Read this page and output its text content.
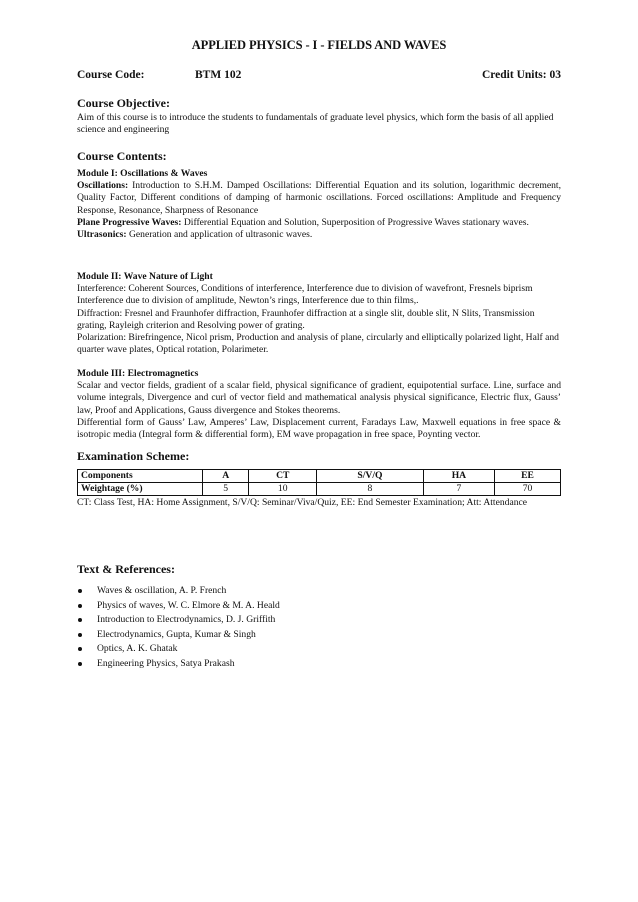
APPLIED PHYSICS - I - FIELDS AND WAVES
Course Code:	BTM 102	Credit Units: 03
Course Objective:
Aim of this course is to introduce the students to fundamentals of graduate level physics, which form the basis of all applied science and engineering
Course Contents:
Module I: Oscillations & Waves
Oscillations: Introduction to S.H.M. Damped Oscillations: Differential Equation and its solution, logarithmic decrement, Quality Factor, Different conditions of damping of harmonic oscillations. Forced oscillations: Amplitude and Frequency Response, Resonance, Sharpness of Resonance
Plane Progressive Waves: Differential Equation and Solution, Superposition of Progressive Waves stationary waves.
Ultrasonics: Generation and application of ultrasonic waves.
Module II: Wave Nature of Light
Interference: Coherent Sources, Conditions of interference, Interference due to division of wavefront, Fresnels biprism Interference due to division of amplitude, Newton’s rings, Interference due to thin films,.
Diffraction: Fresnel and Fraunhofer diffraction, Fraunhofer diffraction at a single slit, double slit, N Slits, Transmission grating, Rayleigh criterion and Resolving power of grating.
Polarization: Birefringence, Nicol prism, Production and analysis of plane, circularly and elliptically polarized light, Half and quarter wave plates, Optical rotation, Polarimeter.
Module III: Electromagnetics
Scalar and vector fields, gradient of a scalar field, physical significance of gradient, equipotential surface. Line, surface and volume integrals, Divergence and curl of vector field and mathematical analysis physical significance, Electric flux, Gauss’ law, Proof and Applications, Gauss divergence and Stokes theorems.
Differential form of Gauss’ Law, Amperes’ Law, Displacement current, Faradays Law, Maxwell equations in free space & isotropic media (Integral form & differential form), EM wave propagation in free space, Poynting vector.
Examination Scheme:
Components	A	CT	S/V/Q	HA	EE
Weightage (%)	5	10	8	7	70
CT: Class Test, HA: Home Assignment, S/V/Q: Seminar/Viva/Quiz, EE: End Semester Examination; Att: Attendance
Text & References:
Waves & oscillation, A. P. French
Physics of waves, W. C. Elmore & M. A. Heald
Introduction to Electrodynamics, D. J. Griffith
Electrodynamics, Gupta, Kumar & Singh
Optics, A. K. Ghatak
Engineering Physics, Satya Prakash
